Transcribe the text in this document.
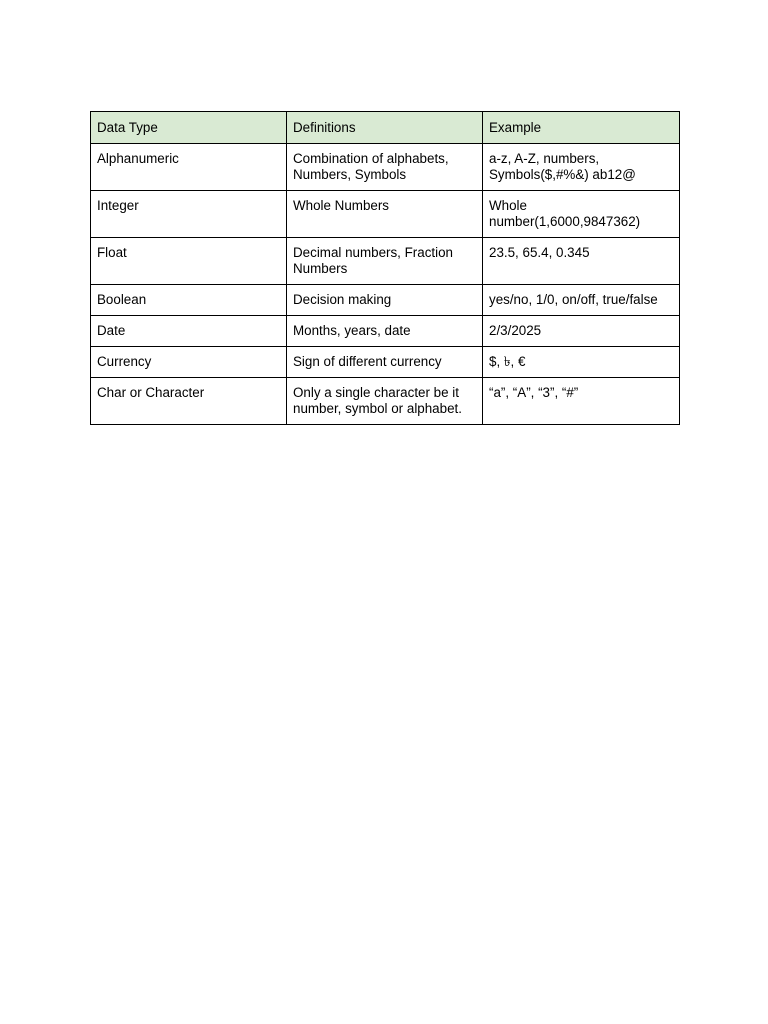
Data Type	Definitions	Example
Alphanumeric	Combination of alphabets, Numbers, Symbols	a-z, A-Z, numbers, Symbols($,#%&) ab12@
Integer	Whole Numbers	Whole number(1,6000,9847362)
Float	Decimal numbers, Fraction Numbers	23.5, 65.4, 0.345
Boolean	Decision making	yes/no, 1/0, on/off, true/false
Date	Months, years, date	2/3/2025
Currency	Sign of different currency	$, ৳, €
Char or Character	Only a single character be it number, symbol or alphabet.	“a”, “A”, “3”, “#”
